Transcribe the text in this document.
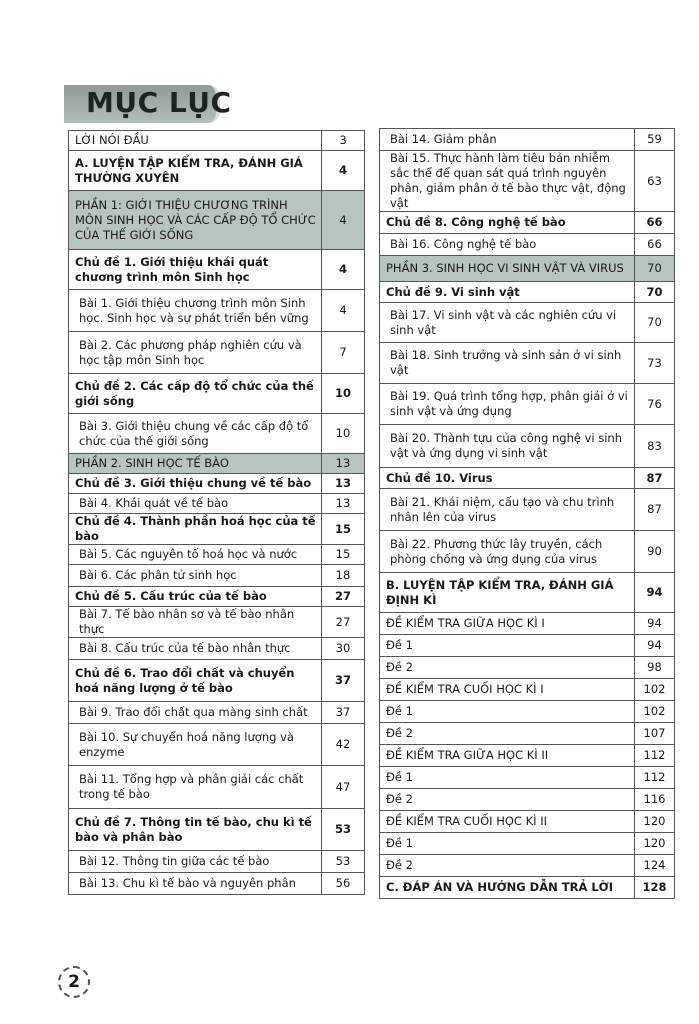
MỤC LỤC
LỜI NÓI ĐẦU	3
A. LUYỆN TẬP KIỂM TRA, ĐÁNH GIÁ THƯỜNG XUYÊN	4
PHẦN 1: GIỚI THIỆU CHƯƠNG TRÌNH MÔN SINH HỌC VÀ CÁC CẤP ĐỘ TỔ CHỨC CỦA THẾ GIỚI SỐNG	4
Chủ đề 1. Giới thiệu khái quát chương trình môn Sinh học	4
Bài 1. Giới thiệu chương trình môn Sinh học. Sinh học và sự phát triển bền vững	4
Bài 2. Các phương pháp nghiên cứu và học tập môn Sinh học	7
Chủ đề 2. Các cấp độ tổ chức của thế giới sống	10
Bài 3. Giới thiệu chung về các cấp độ tổ chức của thế giới sống	10
PHẦN 2. SINH HỌC TẾ BÀO	13
Chủ đề 3. Giới thiệu chung về tế bào	13
Bài 4. Khái quát về tế bào	13
Chủ đề 4. Thành phần hoá học của tế bào	15
Bài 5. Các nguyên tố hoá học và nước	15
Bài 6. Các phân tử sinh học	18
Chủ đề 5. Cấu trúc của tế bào	27
Bài 7. Tế bào nhân sơ và tế bào nhân thực	27
Bài 8. Cấu trúc của tế bào nhân thực	30
Chủ đề 6. Trao đổi chất và chuyển hoá năng lượng ở tế bào	37
Bài 9. Trao đổi chất qua màng sinh chất	37
Bài 10. Sự chuyển hoá năng lượng và enzyme	42
Bài 11. Tổng hợp và phân giải các chất trong tế bào	47
Chủ đề 7. Thông tin tế bào, chu kì tế bào và phân bào	53
Bài 12. Thông tin giữa các tế bào	53
Bài 13. Chu kì tế bào và nguyên phân	56
Bài 14. Giảm phân	59
Bài 15. Thực hành làm tiêu bản nhiễm sắc thể để quan sát quá trình nguyên phân, giảm phân ở tế bào thực vật, động vật	63
Chủ đề 8. Công nghệ tế bào	66
Bài 16. Công nghệ tế bào	66
PHẦN 3. SINH HỌC VI SINH VẬT VÀ VIRUS	70
Chủ đề 9. Vi sinh vật	70
Bài 17. Vi sinh vật và các nghiên cứu vi sinh vật	70
Bài 18. Sinh trưởng và sinh sản ở vi sinh vật	73
Bài 19. Quá trình tổng hợp, phân giải ở vi sinh vật và ứng dụng	76
Bài 20. Thành tựu của công nghệ vi sinh vật và ứng dụng vi sinh vật	83
Chủ đề 10. Virus	87
Bài 21. Khái niệm, cấu tạo và chu trình nhân lên của virus	87
Bài 22. Phương thức lây truyền, cách phòng chống và ứng dụng của virus	90
B. LUYỆN TẬP KIỂM TRA, ĐÁNH GIÁ ĐỊNH KÌ	94
ĐỀ KIỂM TRA GIỮA HỌC KÌ I	94
Đề 1	94
Đề 2	98
ĐỀ KIỂM TRA CUỐI HỌC KÌ I	102
Đề 1	102
Đề 2	107
ĐỀ KIỂM TRA GIỮA HỌC KÌ II	112
Đề 1	112
Đề 2	116
ĐỀ KIỂM TRA CUỐI HỌC KÌ II	120
Đề 1	120
Đề 2	124
C. ĐÁP ÁN VÀ HƯỚNG DẪN TRẢ LỜI	128
2
